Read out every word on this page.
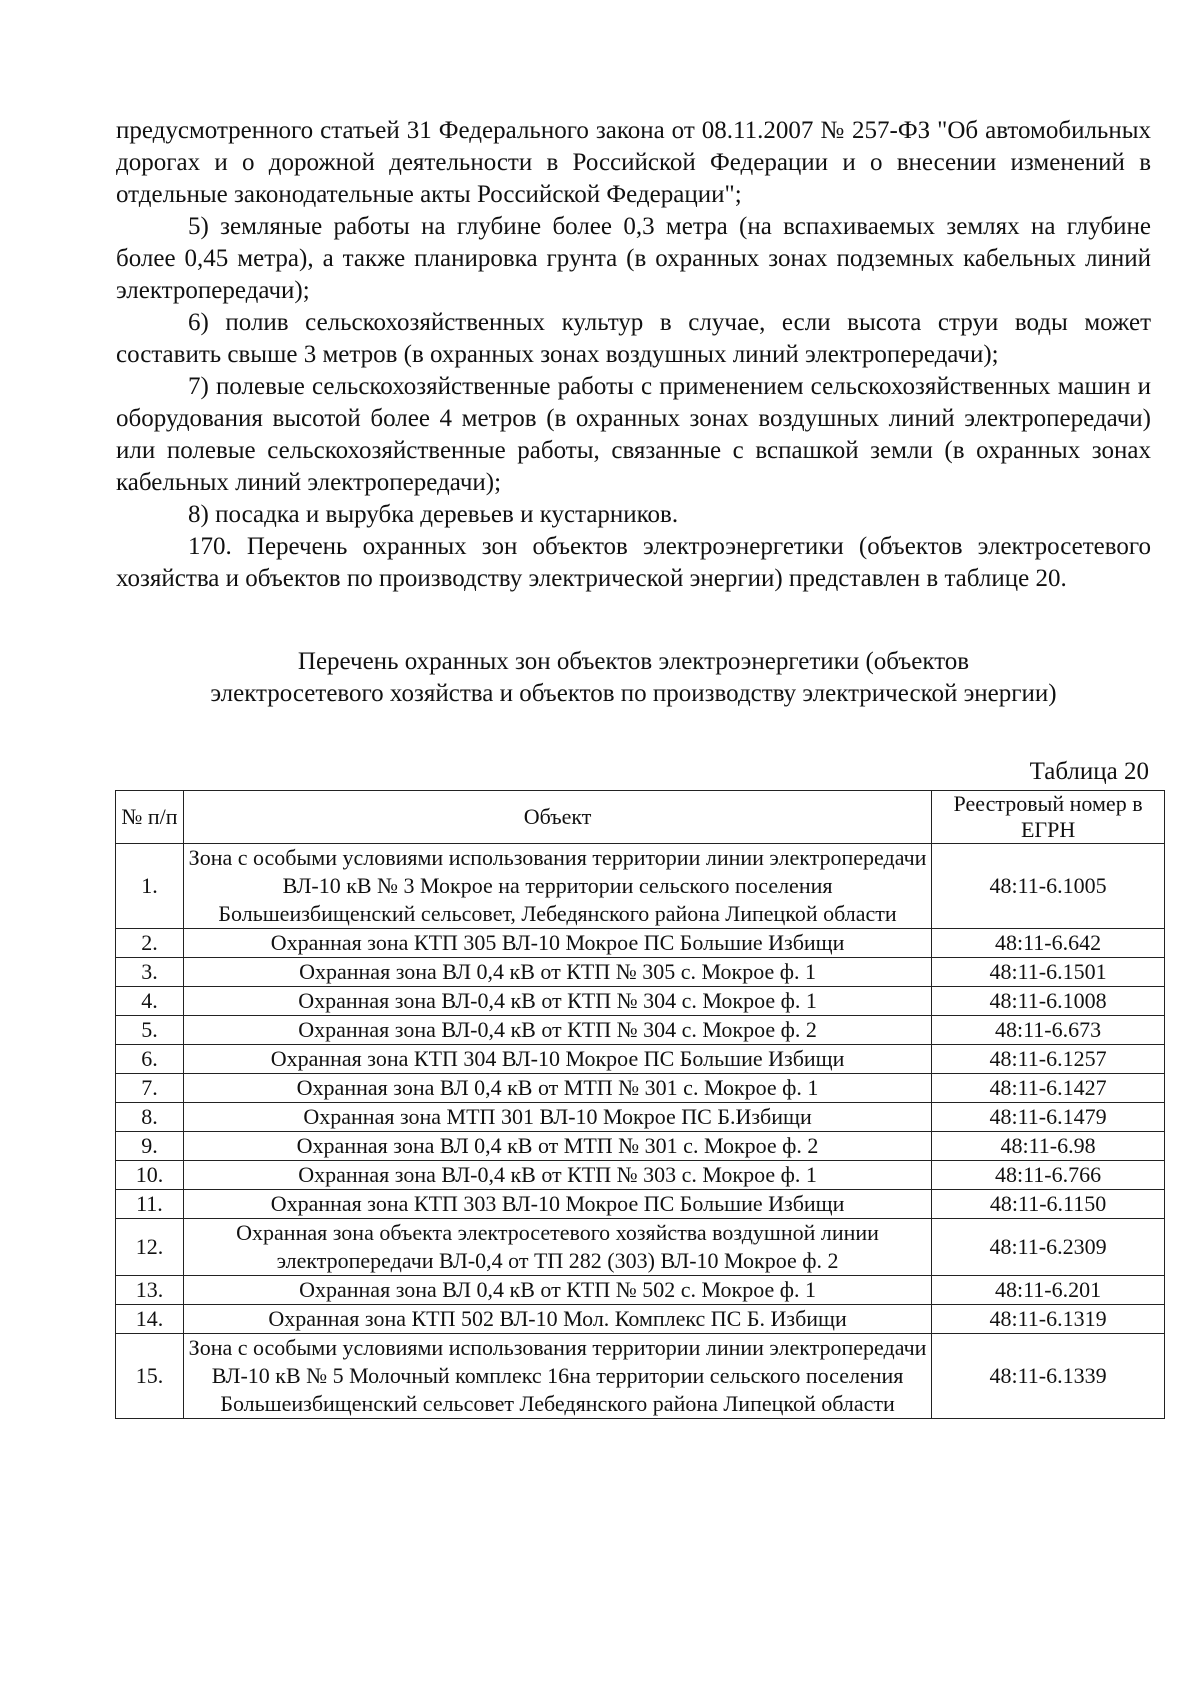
предусмотренного статьей 31 Федерального закона от 08.11.2007 № 257-ФЗ "Об автомобильных дорогах и о дорожной деятельности в Российской Федерации и о внесении изменений в отдельные законодательные акты Российской Федерации";

5) земляные работы на глубине более 0,3 метра (на вспахиваемых землях на глубине более 0,45 метра), а также планировка грунта (в охранных зонах подземных кабельных линий электропередачи);

6) полив сельскохозяйственных культур в случае, если высота струи воды может составить свыше 3 метров (в охранных зонах воздушных линий электропередачи);

7) полевые сельскохозяйственные работы с применением сельскохозяйственных машин и оборудования высотой более 4 метров (в охранных зонах воздушных линий электропередачи) или полевые сельскохозяйственные работы, связанные с вспашкой земли (в охранных зонах кабельных линий электропередачи);

8) посадка и вырубка деревьев и кустарников.

170. Перечень охранных зон объектов электроэнергетики (объектов электросетевого хозяйства и объектов по производству электрической энергии) представлен в таблице 20.

Перечень охранных зон объектов электроэнергетики (объектов
электросетевого хозяйства и объектов по производству электрической энергии)
Таблица 20
№ п/п	Объект	Реестровый номер в ЕГРН
1.	Зона с особыми условиями использования территории линии электропередачи ВЛ-10 кВ № 3 Мокрое на территории сельского поселения Большеизбищенский сельсовет, Лебедянского района Липецкой области	48:11-6.1005
2.	Охранная зона КТП 305 ВЛ-10 Мокрое ПС Большие Избищи	48:11-6.642
3.	Охранная зона ВЛ 0,4 кВ от КТП № 305 с. Мокрое ф. 1	48:11-6.1501
4.	Охранная зона ВЛ-0,4 кВ от КТП № 304 с. Мокрое ф. 1	48:11-6.1008
5.	Охранная зона ВЛ-0,4 кВ от КТП № 304 с. Мокрое ф. 2	48:11-6.673
6.	Охранная зона КТП 304 ВЛ-10 Мокрое ПС Большие Избищи	48:11-6.1257
7.	Охранная зона ВЛ 0,4 кВ от МТП № 301 с. Мокрое ф. 1	48:11-6.1427
8.	Охранная зона МТП 301 ВЛ-10 Мокрое ПС Б.Избищи	48:11-6.1479
9.	Охранная зона ВЛ 0,4 кВ от МТП № 301 с. Мокрое ф. 2	48:11-6.98
10.	Охранная зона ВЛ-0,4 кВ от КТП № 303 с. Мокрое ф. 1	48:11-6.766
11.	Охранная зона КТП 303 ВЛ-10 Мокрое ПС Большие Избищи	48:11-6.1150
12.	Охранная зона объекта электросетевого хозяйства воздушной линии электропередачи ВЛ-0,4 от ТП 282 (303) ВЛ-10 Мокрое ф. 2	48:11-6.2309
13.	Охранная зона ВЛ 0,4 кВ от КТП № 502 с. Мокрое ф. 1	48:11-6.201
14.	Охранная зона КТП 502 ВЛ-10 Мол. Комплекс ПС Б. Избищи	48:11-6.1319
15.	Зона с особыми условиями использования территории линии электропередачи ВЛ-10 кВ № 5 Молочный комплекс 16на территории сельского поселения Большеизбищенский сельсовет Лебедянского района Липецкой области	48:11-6.1339
